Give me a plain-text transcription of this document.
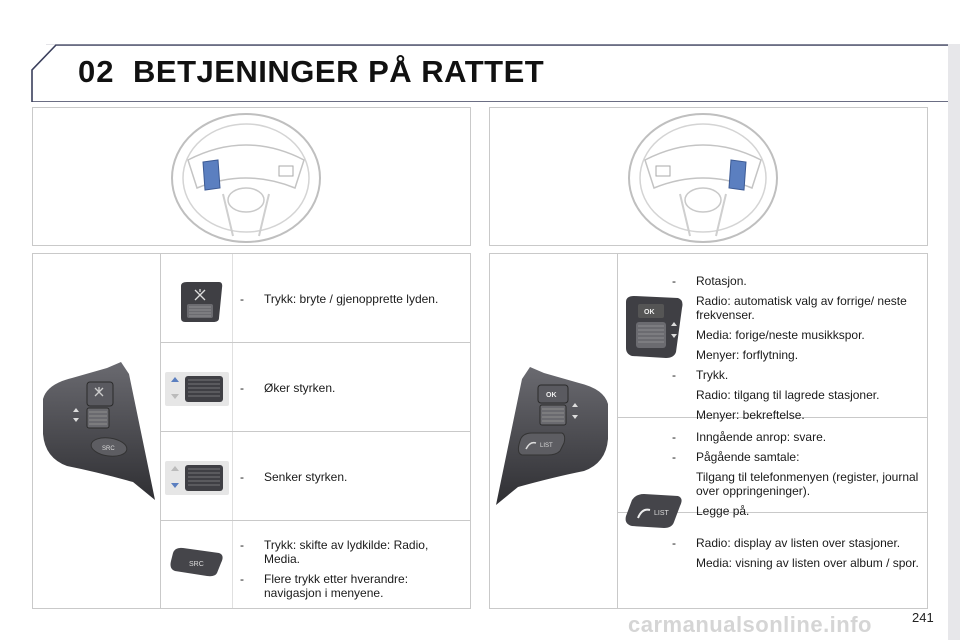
02 BETJENINGER PÅ RATTET
SRC
- Trykk: bryte / gjenopprette lyden.
- Øker styrken.
- Senker styrken.
SRC
- Trykk: skifte av lydkilde: Radio, Media.
- Flere trykk etter hverandre: navigasjon i menyene.
OK
LIST
OK
- Rotasjon.
Radio: automatisk valg av forrige/ neste frekvenser.
Media: forige/neste musikkspor.
Menyer: forflytning.
- Trykk.
Radio: tilgang til lagrede stasjoner.
Menyer: bekreftelse.
LIST
- Inngående anrop: svare.
- Pågående samtale:
Tilgang til telefonmenyen (register, journal over oppringeninger).
Legge på.
- Radio: display av listen over stasjoner.
Media: visning av listen over album / spor.
carmanualsonline.info	241
